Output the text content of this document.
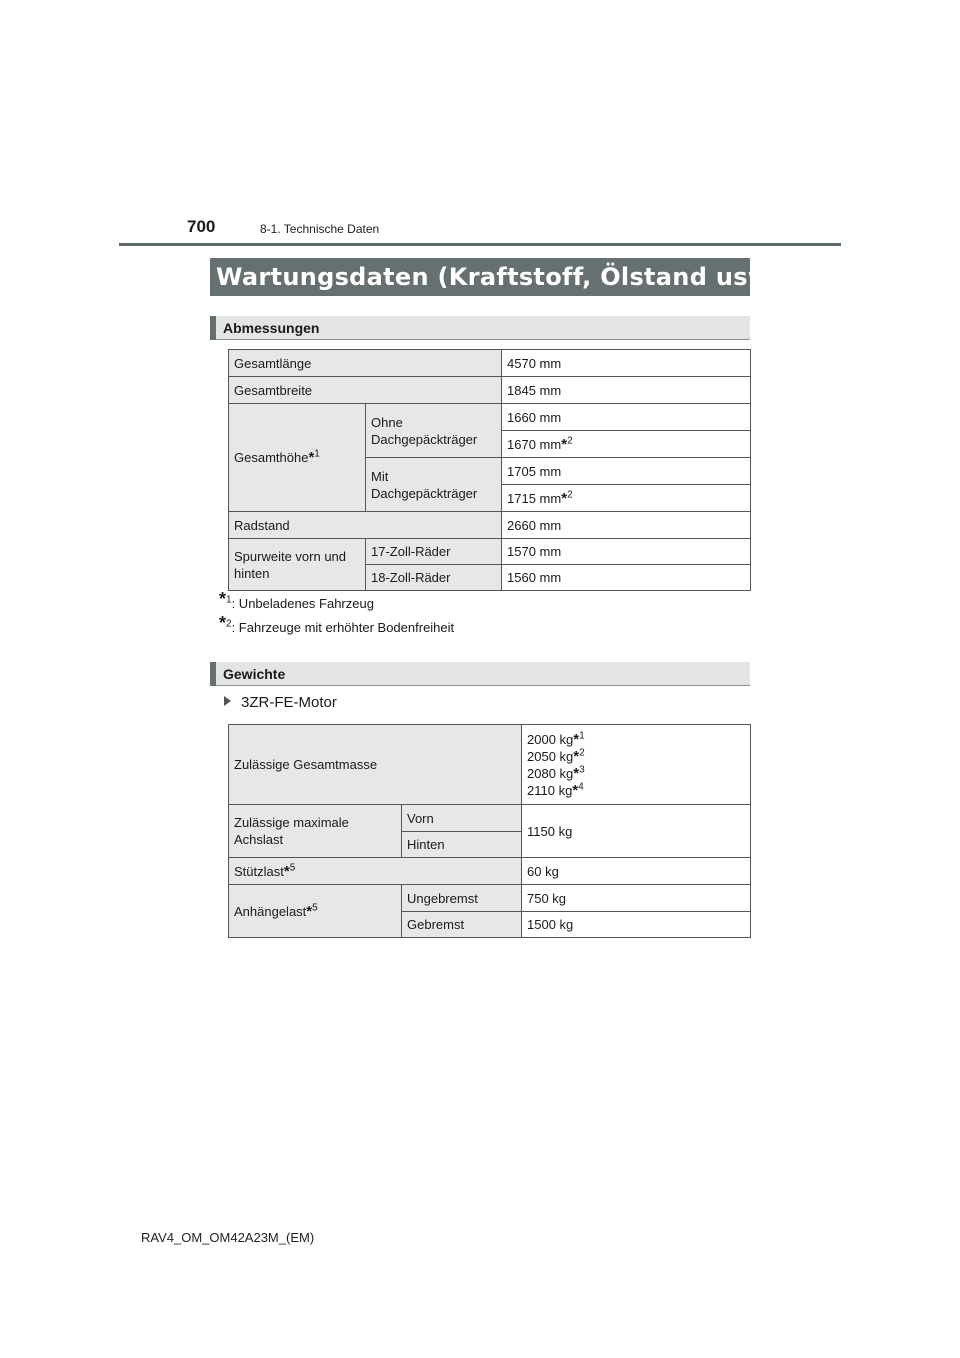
700	8-1. Technische Daten
Wartungsdaten (Kraftstoff, Ölstand usw.)
Abmessungen
Gesamtlänge		4570 mm
Gesamtbreite		1845 mm
Gesamthöhe*$^1$	Ohne Dachgepäckträger	1660 mm
		1670 mm*$^2$
	Mit Dachgepäckträger	1705 mm
		1715 mm*$^2$
Radstand		2660 mm
Spurweite vorn und hinten	17-Zoll-Räder	1570 mm
	18-Zoll-Räder	1560 mm
*$^1$: Unbeladenes Fahrzeug
*$^2$: Fahrzeuge mit erhöhter Bodenfreiheit
Gewichte
3ZR-FE-Motor
Zulässige Gesamtmasse		2000 kg*$^1$
2050 kg*$^2$
2080 kg*$^3$
2110 kg*$^4$

Zulässige maximale Achslast	Vorn	1150 kg
	Hinten	
Stützlast*$^5$		60 kg
Anhängelast*$^5$	Ungebremst	750 kg
	Gebremst	1500 kg
RAV4_OM_OM42A23M_(EM)
